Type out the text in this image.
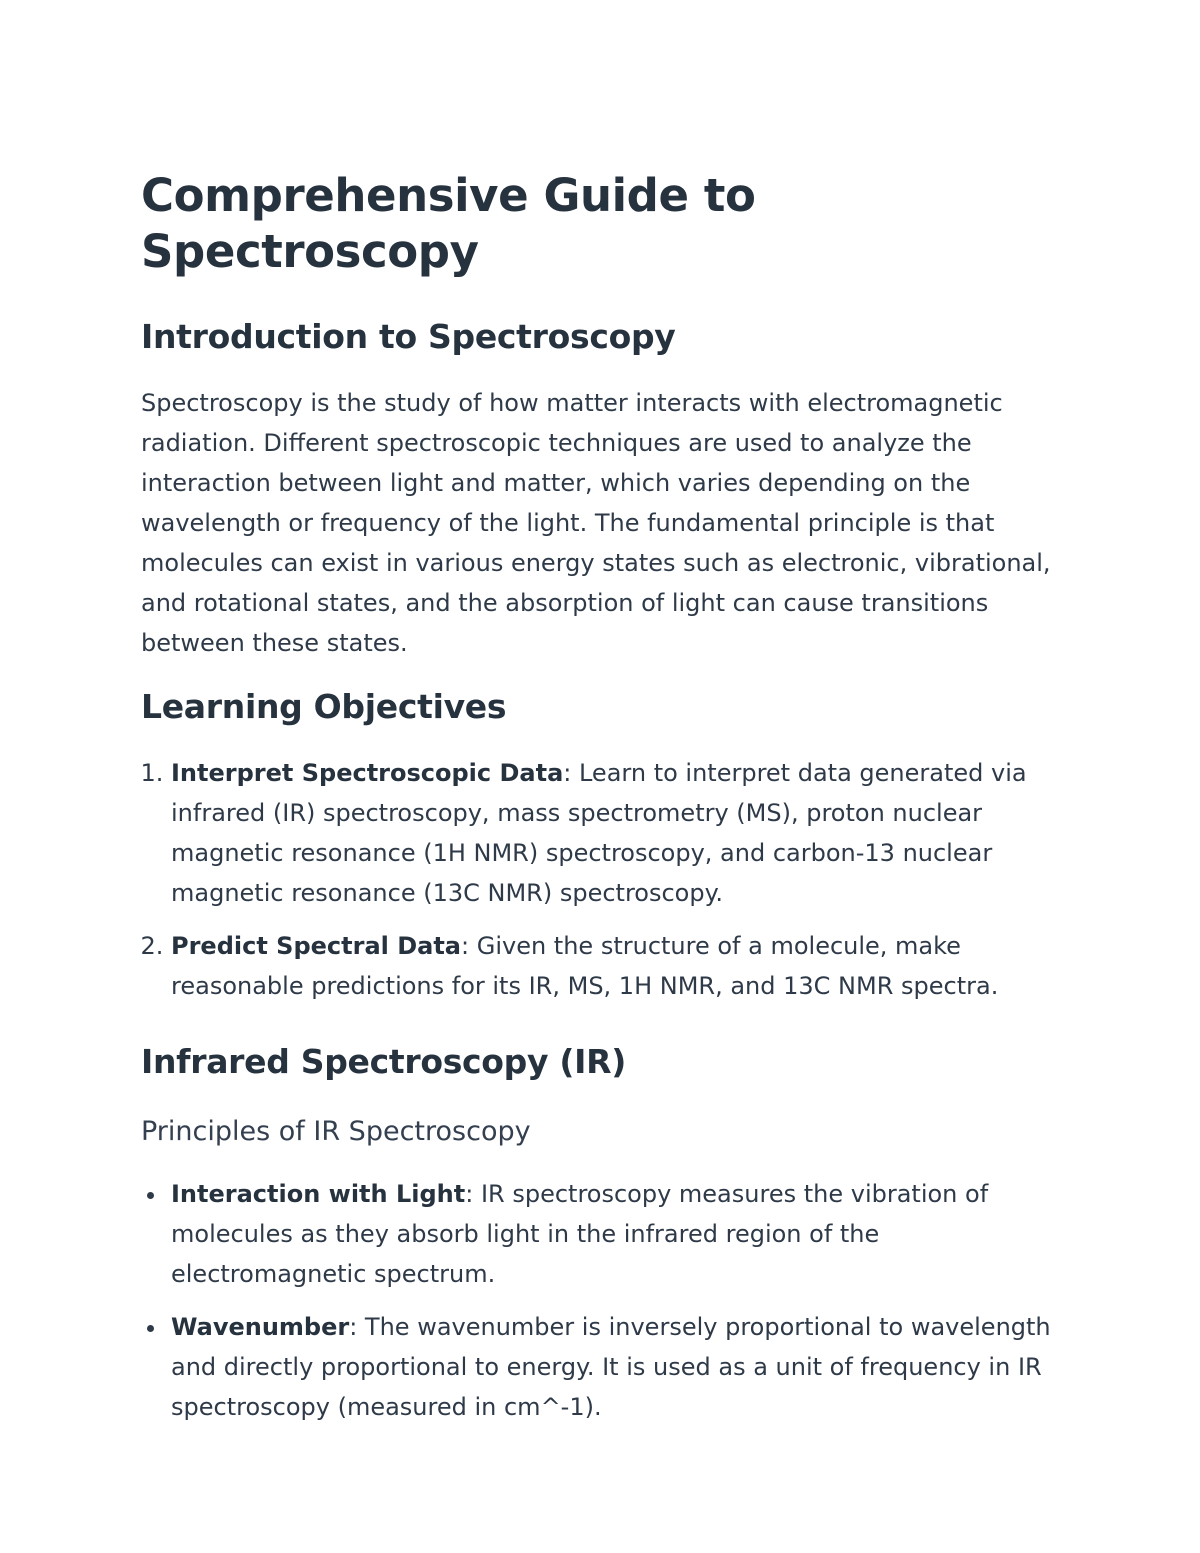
Comprehensive Guide to Spectroscopy
Introduction to Spectroscopy

Spectroscopy is the study of how matter interacts with electromagnetic radiation. Different spectroscopic techniques are used to analyze the interaction between light and matter, which varies depending on the wavelength or frequency of the light. The fundamental principle is that molecules can exist in various energy states such as electronic, vibrational, and rotational states, and the absorption of light can cause transitions between these states.

Learning Objectives
1. Interpret Spectroscopic Data: Learn to interpret data generated via infrared (IR) spectroscopy, mass spectrometry (MS), proton nuclear magnetic resonance (1H NMR) spectroscopy, and carbon-13 nuclear magnetic resonance (13C NMR) spectroscopy.
2. Predict Spectral Data: Given the structure of a molecule, make reasonable predictions for its IR, MS, 1H NMR, and 13C NMR spectra.
Infrared Spectroscopy (IR)
Principles of IR Spectroscopy
Interaction with Light: IR spectroscopy measures the vibration of molecules as they absorb light in the infrared region of the electromagnetic spectrum.
Wavenumber: The wavenumber is inversely proportional to wavelength and directly proportional to energy. It is used as a unit of frequency in IR spectroscopy (measured in cm^-1).
